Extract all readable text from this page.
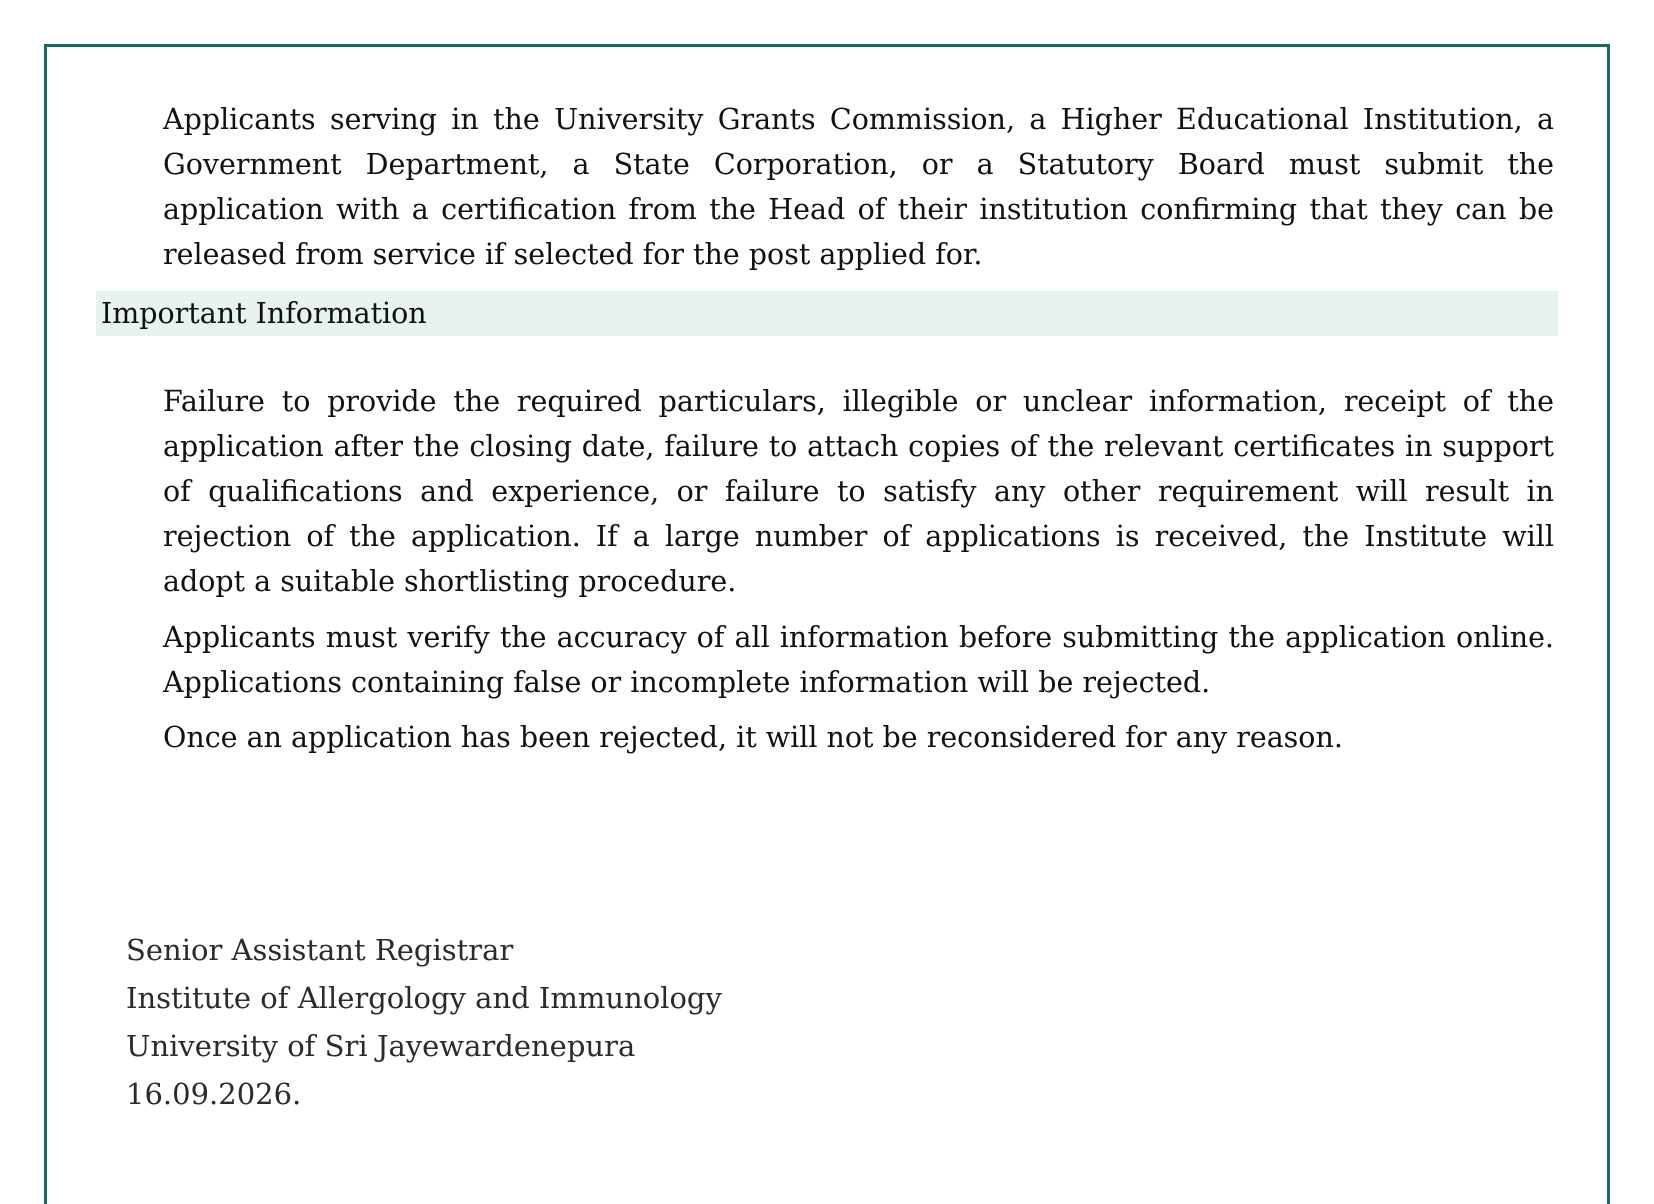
Applicants serving in the University Grants Commission, a Higher Educational Institution, a Government Department, a State Corporation, or a Statutory Board must submit the application with a certification from the Head of their institution confirming that they can be released from service if selected for the post applied for.

Important Information

Failure to provide the required particulars, illegible or unclear information, receipt of the application after the closing date, failure to attach copies of the relevant certificates in support of qualifications and experience, or failure to satisfy any other requirement will result in rejection of the application. If a large number of applications is received, the Institute will adopt a suitable shortlisting procedure.

Applicants must verify the accuracy of all information before submitting the application online. Applications containing false or incomplete information will be rejected.

Once an application has been rejected, it will not be reconsidered for any reason.

Senior Assistant Registrar
Institute of Allergology and Immunology
University of Sri Jayewardenepura
16.09.2026.
